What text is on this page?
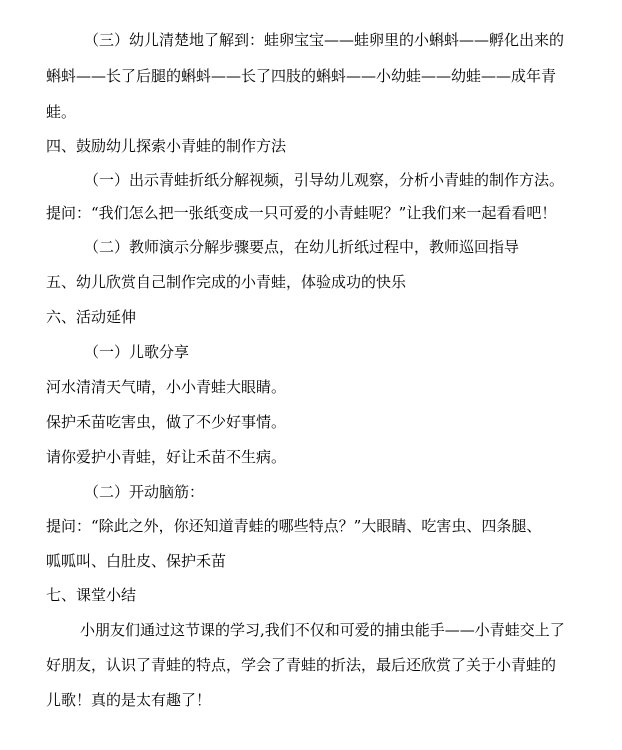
（三）幼儿清楚地了解到：蛙卵宝宝——蛙卵里的小蝌蚪——孵化出来的
蝌蚪——长了后腿的蝌蚪——长了四肢的蝌蚪——小幼蛙——幼蛙——成年青
蛙。
四、鼓励幼儿探索小青蛙的制作方法
（一）出示青蛙折纸分解视频，引导幼儿观察，分析小青蛙的制作方法。
提问：“我们怎么把一张纸变成一只可爱的小青蛙呢？”让我们来一起看看吧！
（二）教师演示分解步骤要点，在幼儿折纸过程中，教师巡回指导
五、幼儿欣赏自己制作完成的小青蛙，体验成功的快乐
六、活动延伸
（一）儿歌分享
河水清清天气晴，小小青蛙大眼睛。
保护禾苗吃害虫，做了不少好事情。
请你爱护小青蛙，好让禾苗不生病。
（二）开动脑筋：
提问：“除此之外，你还知道青蛙的哪些特点？”大眼睛、吃害虫、四条腿、
呱呱叫、白肚皮、保护禾苗
七、课堂小结
小朋友们通过这节课的学习,我们不仅和可爱的捕虫能手——小青蛙交上了
好朋友，认识了青蛙的特点，学会了青蛙的折法，最后还欣赏了关于小青蛙的
儿歌！真的是太有趣了！
